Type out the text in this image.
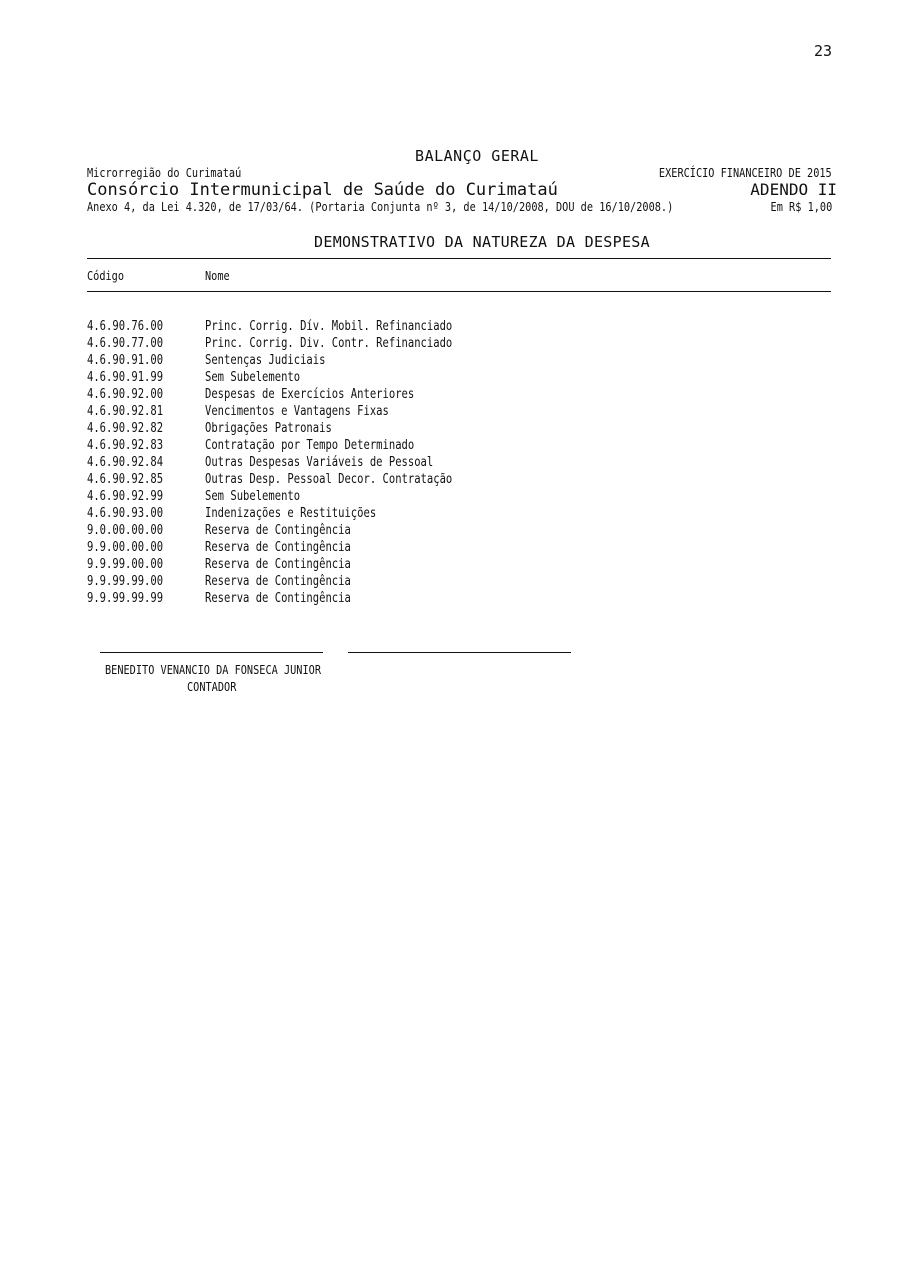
23
BALANÇO GERAL
Microrregião do Curimataú	EXERCÍCIO FINANCEIRO DE 2015
Consórcio Intermunicipal de Saúde do Curimataú	ADENDO II
Anexo 4, da Lei 4.320, de 17/03/64. (Portaria Conjunta nº 3, de 14/10/2008, DOU de 16/10/2008.)	Em R$ 1,00
DEMONSTRATIVO DA NATUREZA DA DESPESA
Código	Nome
4.6.90.76.00	Princ. Corrig. Dív. Mobil. Refinanciado
4.6.90.77.00	Princ. Corrig. Div. Contr. Refinanciado
4.6.90.91.00	Sentenças Judiciais
4.6.90.91.99	Sem Subelemento
4.6.90.92.00	Despesas de Exercícios Anteriores
4.6.90.92.81	Vencimentos e Vantagens Fixas
4.6.90.92.82	Obrigações Patronais
4.6.90.92.83	Contratação por Tempo Determinado
4.6.90.92.84	Outras Despesas Variáveis de Pessoal
4.6.90.92.85	Outras Desp. Pessoal Decor. Contratação
4.6.90.92.99	Sem Subelemento
4.6.90.93.00	Indenizações e Restituições
9.0.00.00.00	Reserva de Contingência
9.9.00.00.00	Reserva de Contingência
9.9.99.00.00	Reserva de Contingência
9.9.99.99.00	Reserva de Contingência
9.9.99.99.99	Reserva de Contingência
BENEDITO VENANCIO DA FONSECA JUNIOR
CONTADOR
